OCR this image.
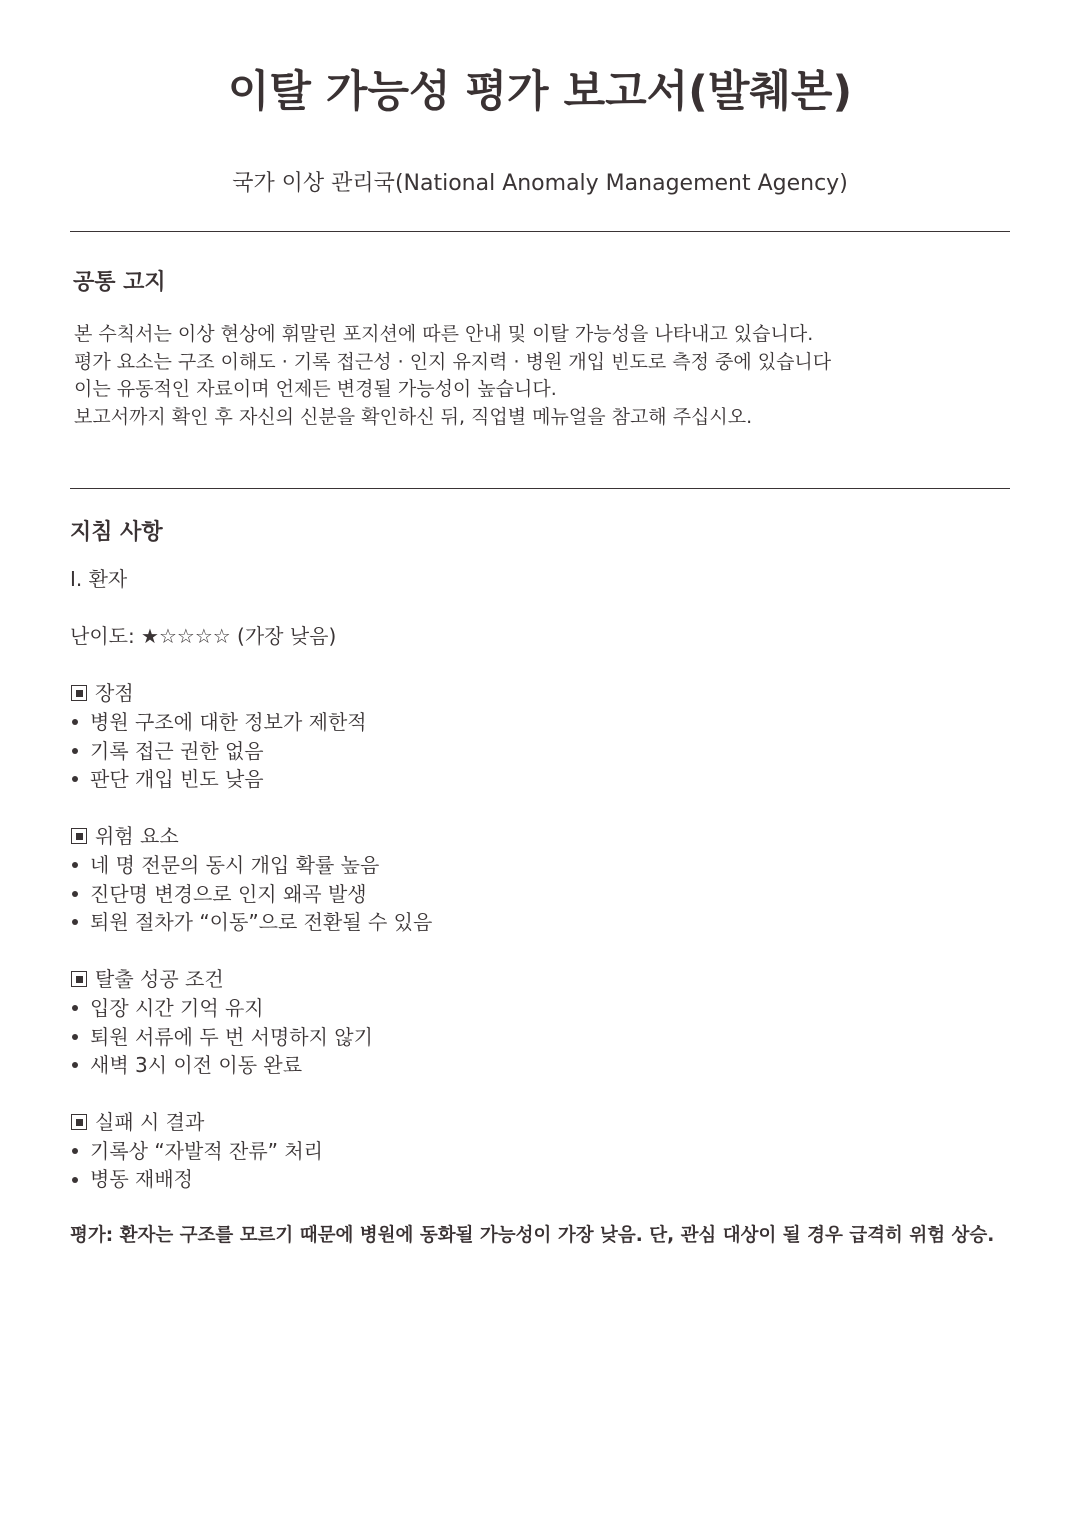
이탈 가능성 평가 보고서(발췌본)
국가 이상 관리국(National Anomaly Management Agency)
공통 고지

본 수칙서는 이상 현상에 휘말린 포지션에 따른 안내 및 이탈 가능성을 나타내고 있습니다.

평가 요소는 구조 이해도 · 기록 접근성 · 인지 유지력 · 병원 개입 빈도로 측정 중에 있습니다

이는 유동적인 자료이며 언제든 변경될 가능성이 높습니다.

보고서까지 확인 후 자신의 신분을 확인하신 뒤, 직업별 메뉴얼을 참고해 주십시오.

지침 사항
I. 환자
난이도: ★☆☆☆☆ (가장 낮음)
장점
병원 구조에 대한 정보가 제한적
기록 접근 권한 없음
판단 개입 빈도 낮음
위험 요소
네 명 전문의 동시 개입 확률 높음
진단명 변경으로 인지 왜곡 발생
퇴원 절차가 “이동”으로 전환될 수 있음
탈출 성공 조건
입장 시간 기억 유지
퇴원 서류에 두 번 서명하지 않기
새벽 3시 이전 이동 완료
실패 시 결과
기록상 “자발적 잔류” 처리
병동 재배정
평가: 환자는 구조를 모르기 때문에 병원에 동화될 가능성이 가장 낮음. 단, 관심 대상이 될 경우 급격히 위험 상승.
